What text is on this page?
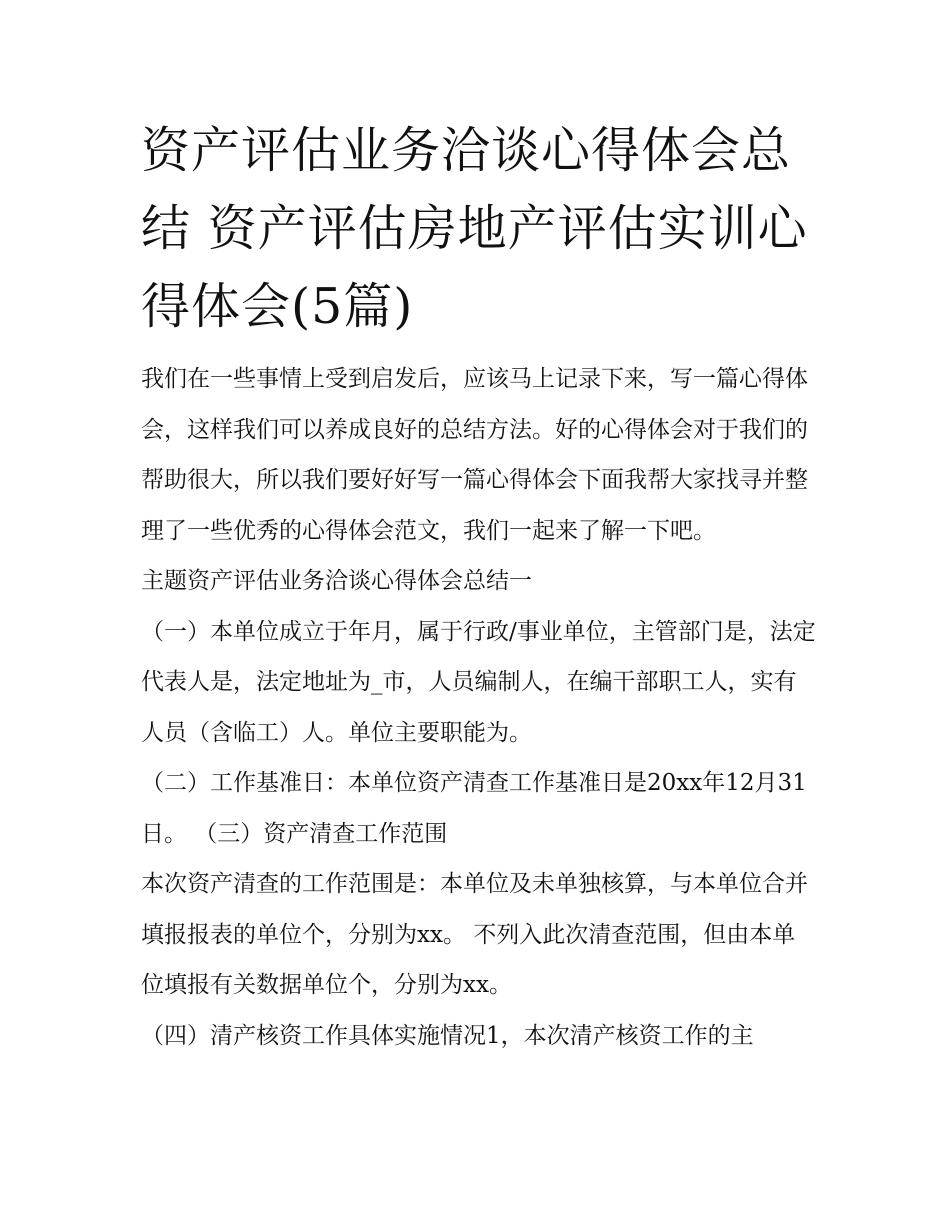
资产评估业务洽谈心得体会总结 资产评估房地产评估实训心得体会(5篇)

我们在一些事情上受到启发后，应该马上记录下来，写一篇心得体会，这样我们可以养成良好的总结方法。好的心得体会对于我们的帮助很大，所以我们要好好写一篇心得体会下面我帮大家找寻并整理了一些优秀的心得体会范文，我们一起来了解一下吧。

主题资产评估业务洽谈心得体会总结一

（一）本单位成立于年月，属于行政/事业单位，主管部门是，法定代表人是，法定地址为_市，人员编制人，在编干部职工人，实有人员（含临工）人。单位主要职能为。

（二）工作基准日：本单位资产清查工作基准日是20xx年12月31日。 （三）资产清查工作范围

本次资产清查的工作范围是：本单位及未单独核算，与本单位合并填报报表的单位个，分别为xx。 不列入此次清查范围，但由本单位填报有关数据单位个，分别为xx。

（四）清产核资工作具体实施情况1，本次清产核资工作的主
